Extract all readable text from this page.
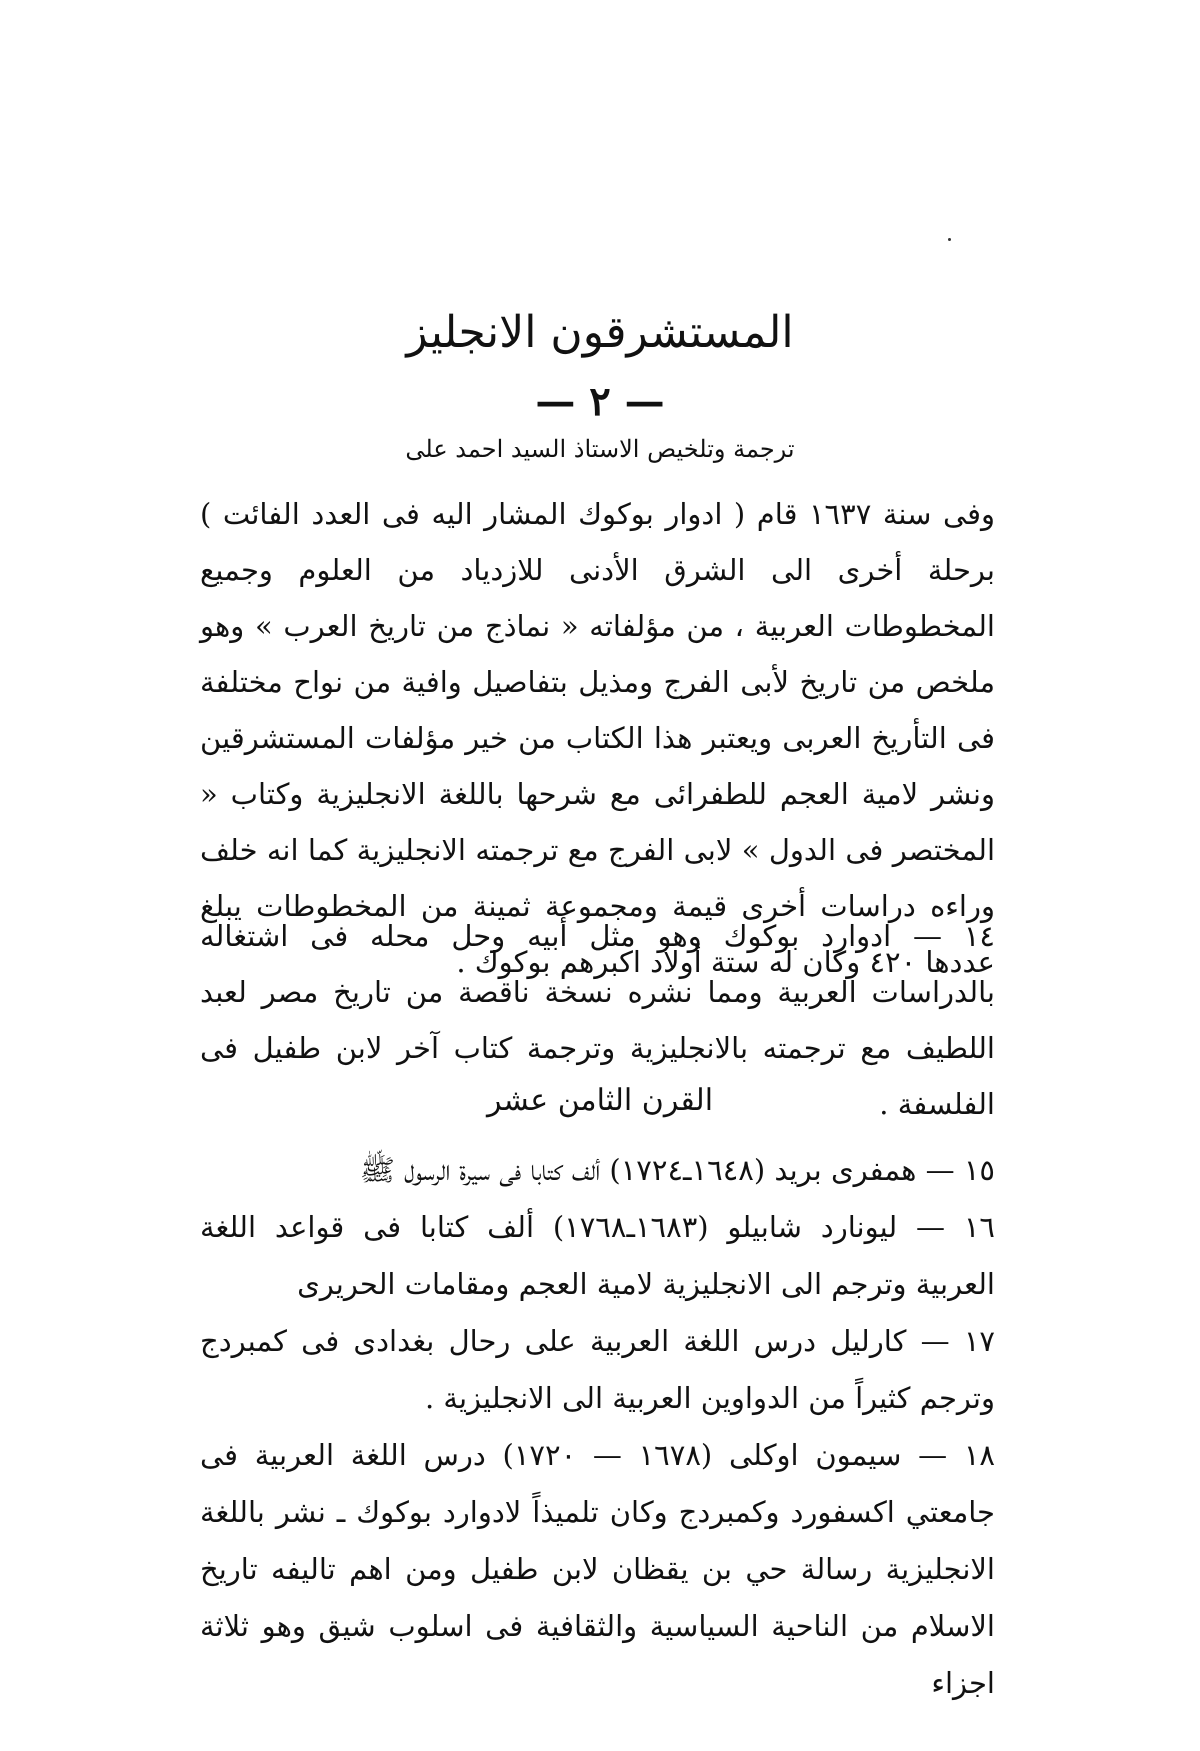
المستشرقون الانجليز
— ٢ —
ترجمة وتلخيص الاستاذ السيد احمد على

وفى سنة ١٦٣٧ قام ( ادوار بوكوك المشار اليه فى العدد الفائت ) برحلة أخرى الى الشرق الأدنى للازدياد من العلوم وجميع المخطوطات العربية ، من مؤلفاته « نماذج من تاريخ العرب » وهو ملخص من تاريخ لأبى الفرج ومذيل بتفاصيل وافية من نواح مختلفة فى التأريخ العربى ويعتبر هذا الكتاب من خير مؤلفات المستشرقين ونشر لامية العجم للطفرائى مع شرحها باللغة الانجليزية وكتاب « المختصر فى الدول » لابى الفرج مع ترجمته الانجليزية كما انه خلف وراءه دراسات أخرى قيمة ومجموعة ثمينة من المخطوطات يبلغ عددها ٤٢٠ وكان له ستة أولاد اكبرهم بوكوك .

١٤ — ادوارد بوكوك وهو مثل أبيه وحل محله فى اشتغاله بالدراسات العربية ومما نشره نسخة ناقصة من تاريخ مصر لعبد اللطيف مع ترجمته بالانجليزية وترجمة كتاب آخر لابن طفيل فى الفلسفة .

القرن الثامن عشر
١٥ — همفرى بريد (١٦٤٨ـ١٧٢٤) ألف كتابا فى سيرة الرسول ﷺ
١٦ — ليونارد شابيلو (١٦٨٣ـ١٧٦٨) ألف كتابا فى قواعد اللغة العربية وترجم الى الانجليزية لامية العجم ومقامات الحريرى
١٧ — كارليل درس اللغة العربية على رحال بغدادى فى كمبردج وترجم كثيراً من الدواوين العربية الى الانجليزية .
١٨ — سيمون اوكلى (١٦٧٨ — ١٧٢٠) درس اللغة العربية فى جامعتي اكسفورد وكمبردج وكان تلميذاً لادوارد بوكوك ـ نشر باللغة الانجليزية رسالة حي بن يقظان لابن طفيل ومن اهم تاليفه تاريخ الاسلام من الناحية السياسية والثقافية فى اسلوب شيق وهو ثلاثة اجزاء
